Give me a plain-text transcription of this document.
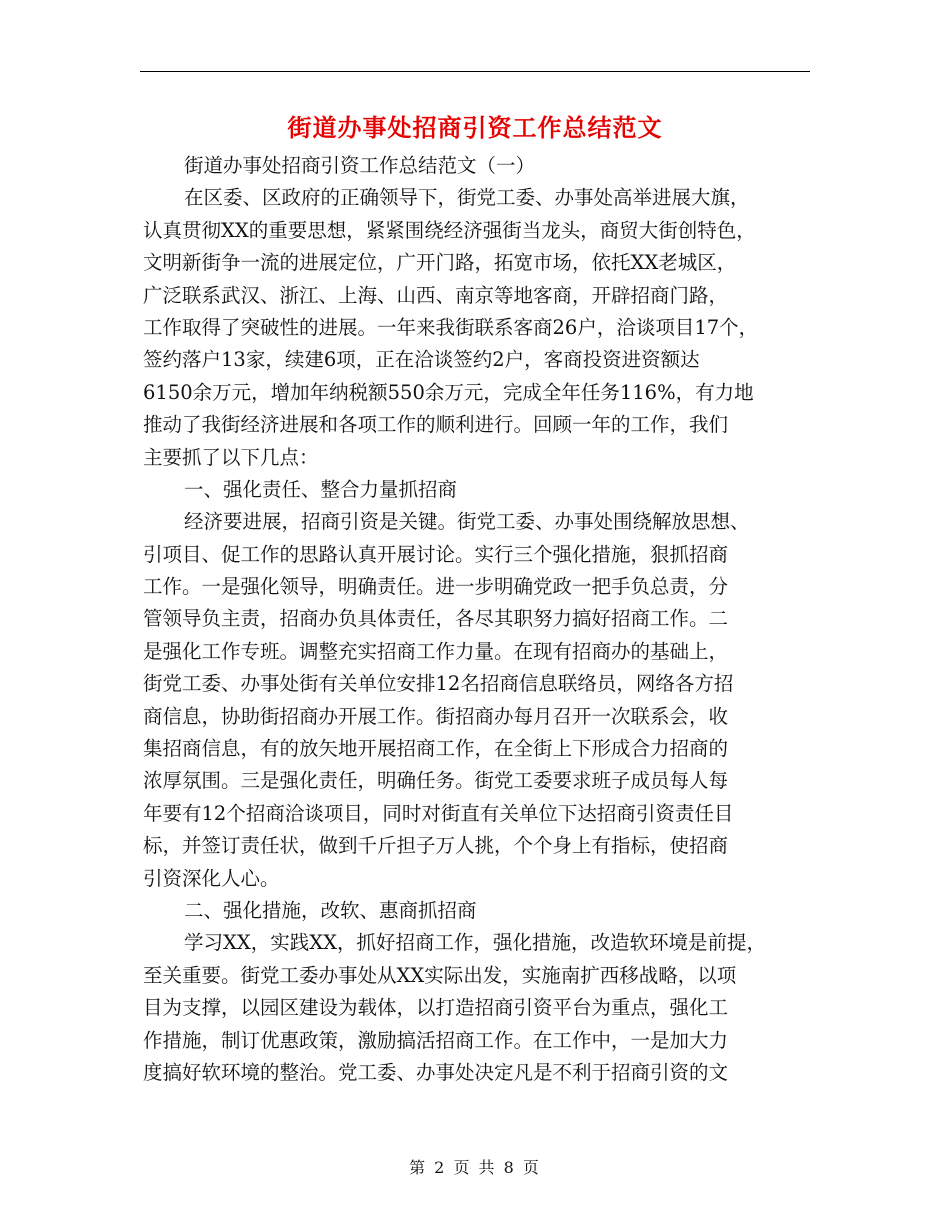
街道办事处招商引资工作总结范文

街道办事处招商引资工作总结范文（一）

在区委、区政府的正确领导下，街党工委、办事处高举进展大旗，

认真贯彻XX的重要思想，紧紧围绕经济强街当龙头，商贸大街创特色，

文明新街争一流的进展定位，广开门路，拓宽市场，依托XX老城区，

广泛联系武汉、浙江、上海、山西、南京等地客商，开辟招商门路，

工作取得了突破性的进展。一年来我街联系客商26户，洽谈项目17个，

签约落户13家，续建6项，正在洽谈签约2户，客商投资进资额达

6150余万元，增加年纳税额550余万元，完成全年任务116%，有力地

推动了我街经济进展和各项工作的顺利进行。回顾一年的工作，我们

主要抓了以下几点：

一、强化责任、整合力量抓招商

经济要进展，招商引资是关键。街党工委、办事处围绕解放思想、

引项目、促工作的思路认真开展讨论。实行三个强化措施，狠抓招商

工作。一是强化领导，明确责任。进一步明确党政一把手负总责，分

管领导负主责，招商办负具体责任，各尽其职努力搞好招商工作。二

是强化工作专班。调整充实招商工作力量。在现有招商办的基础上，

街党工委、办事处街有关单位安排12名招商信息联络员，网络各方招

商信息，协助街招商办开展工作。街招商办每月召开一次联系会，收

集招商信息，有的放矢地开展招商工作，在全街上下形成合力招商的

浓厚氛围。三是强化责任，明确任务。街党工委要求班子成员每人每

年要有12个招商洽谈项目，同时对街直有关单位下达招商引资责任目

标，并签订责任状，做到千斤担子万人挑，个个身上有指标，使招商

引资深化人心。

二、强化措施，改软、惠商抓招商

学习XX，实践XX，抓好招商工作，强化措施，改造软环境是前提，

至关重要。街党工委办事处从XX实际出发，实施南扩西移战略，以项

目为支撑，以园区建设为载体，以打造招商引资平台为重点，强化工

作措施，制订优惠政策，激励搞活招商工作。在工作中，一是加大力

度搞好软环境的整治。党工委、办事处决定凡是不利于招商引资的文

第 2 页 共 8 页
